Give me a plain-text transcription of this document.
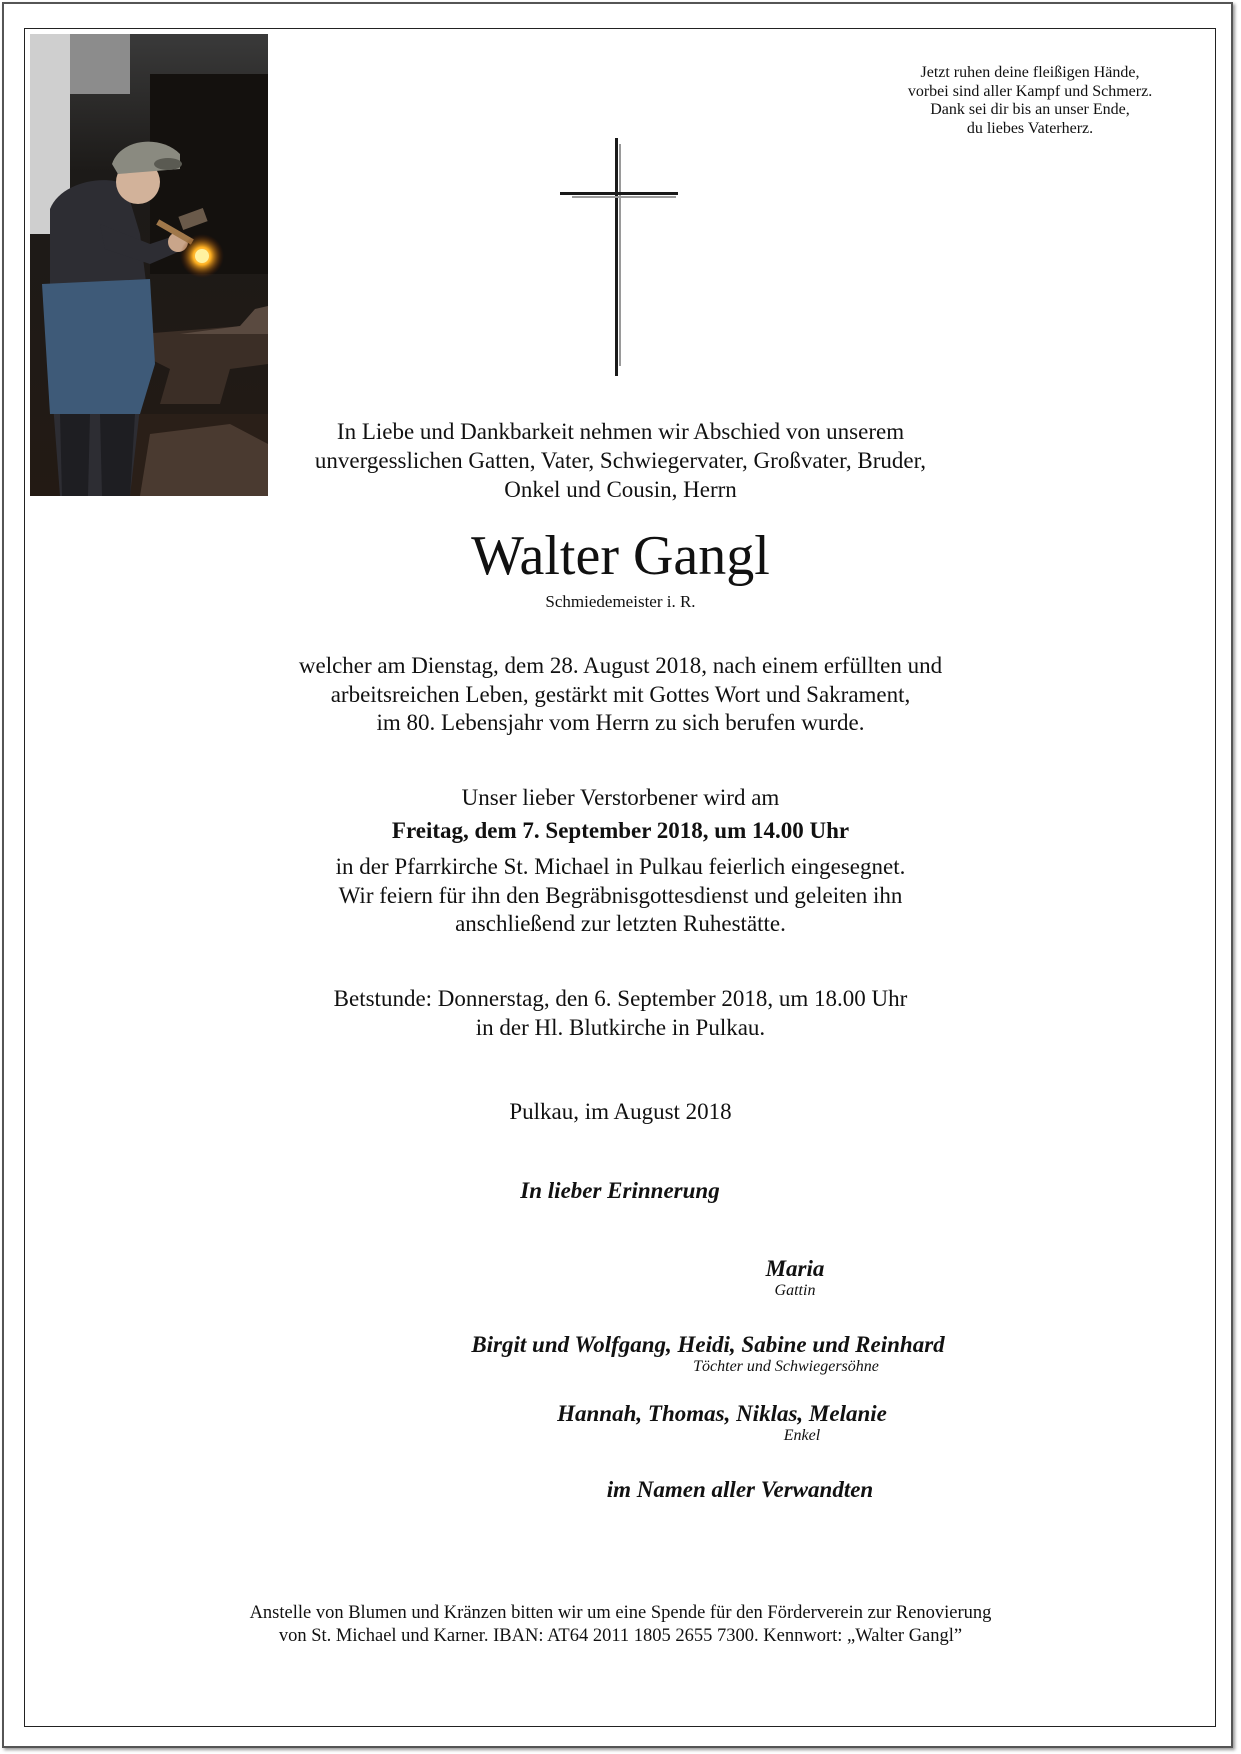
Jetzt ruhen deine fleißigen Hände,
vorbei sind aller Kampf und Schmerz.
Dank sei dir bis an unser Ende,
du liebes Vaterherz.
In Liebe und Dankbarkeit nehmen wir Abschied von unserem
unvergesslichen Gatten, Vater, Schwiegervater, Großvater, Bruder,
Onkel und Cousin, Herrn
Walter Gangl
Schmiedemeister i. R.
welcher am Dienstag, dem 28. August 2018, nach einem erfüllten und
arbeitsreichen Leben, gestärkt mit Gottes Wort und Sakrament,
im 80. Lebensjahr vom Herrn zu sich berufen wurde.
Unser lieber Verstorbener wird am
Freitag, dem 7. September 2018, um 14.00 Uhr
in der Pfarrkirche St. Michael in Pulkau feierlich eingesegnet.
Wir feiern für ihn den Begräbnisgottesdienst und geleiten ihn
anschließend zur letzten Ruhestätte.
Betstunde: Donnerstag, den 6. September 2018, um 18.00 Uhr
in der Hl. Blutkirche in Pulkau.
Pulkau, im August 2018
In lieber Erinnerung
Maria
Gattin
Birgit und Wolfgang, Heidi, Sabine und Reinhard
Töchter und Schwiegersöhne
Hannah, Thomas, Niklas, Melanie
Enkel
im Namen aller Verwandten
Anstelle von Blumen und Kränzen bitten wir um eine Spende für den Förderverein zur Renovierung
von St. Michael und Karner. IBAN: AT64 2011 1805 2655 7300. Kennwort: „Walter Gangl”
